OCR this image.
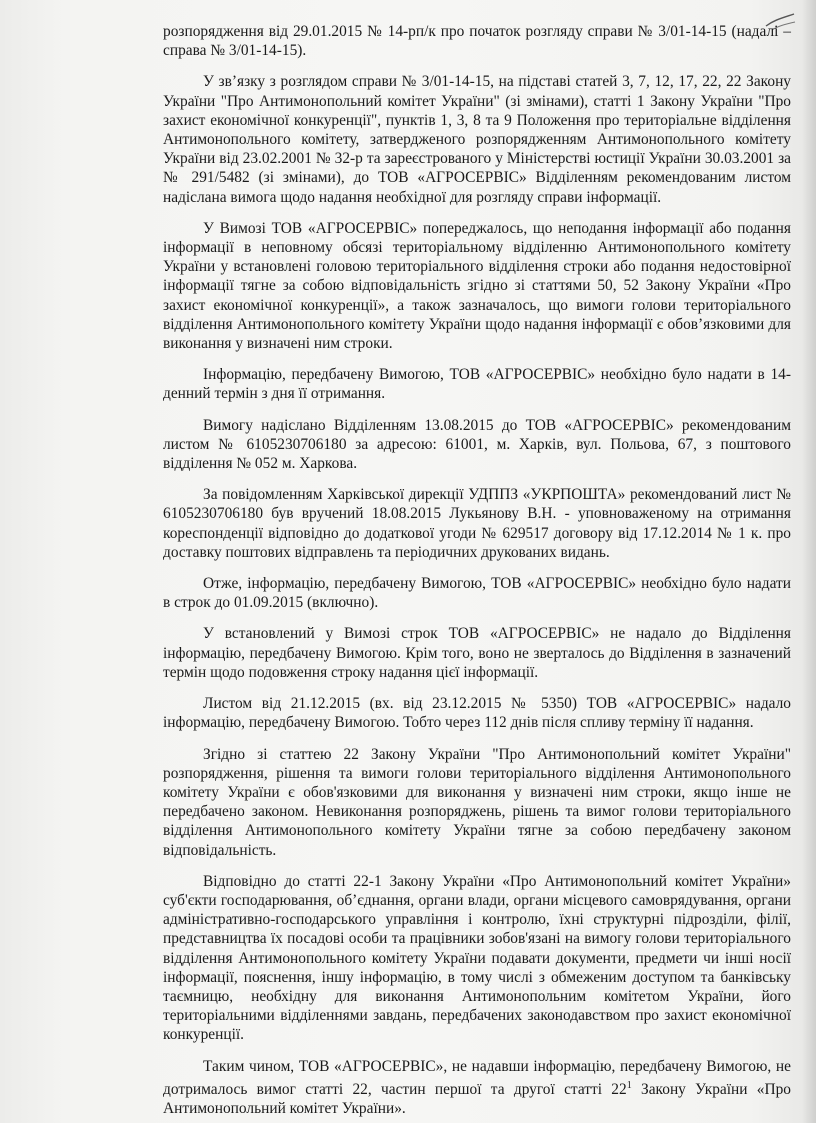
розпорядження від 29.01.2015 № 14-рп/к про початок розгляду справи № 3/01-14-15 (надалі – справа № 3/01-14-15).

У зв’язку з розглядом справи № 3/01-14-15, на підставі статей 3, 7, 12, 17, 22, 22 Закону України "Про Антимонопольний комітет України" (зі змінами), статті 1 Закону України "Про захист економічної конкуренції", пунктів 1, 3, 8 та 9 Положення про територіальне відділення Антимонопольного комітету, затвердженого розпорядженням Антимонопольного комітету України від 23.02.2001 № 32-р та зареєстрованого у Міністерстві юстиції України 30.03.2001 за № 291/5482 (зі змінами), до ТОВ «АГРОСЕРВІС» Відділенням рекомендованим листом надіслана вимога щодо надання необхідної для розгляду справи інформації.

У Вимозі ТОВ «АГРОСЕРВІС» попереджалось, що неподання інформації або подання інформації в неповному обсязі територіальному відділенню Антимонопольного комітету України у встановлені головою територіального відділення строки або подання недостовірної інформації тягне за собою відповідальність згідно зі статтями 50, 52 Закону України «Про захист економічної конкуренції», а також зазначалось, що вимоги голови територіального відділення Антимонопольного комітету України щодо надання інформації є обов’язковими для виконання у визначені ним строки.

Інформацію, передбачену Вимогою, ТОВ «АГРОСЕРВІС» необхідно було надати в 14-денний термін з дня її отримання.

Вимогу надіслано Відділенням 13.08.2015 до ТОВ «АГРОСЕРВІС» рекомендованим листом № 6105230706180 за адресою: 61001, м. Харків, вул. Польова, 67, з поштового відділення № 052 м. Харкова.

За повідомленням Харківської дирекції УДППЗ «УКРПОШТА» рекомендований лист № 6105230706180 був вручений 18.08.2015 Лукьянову В.Н. - уповноваженому на отримання кореспонденції відповідно до додаткової угоди № 629517 договору від 17.12.2014 № 1 к. про доставку поштових відправлень та періодичних друкованих видань.

Отже, інформацію, передбачену Вимогою, ТОВ «АГРОСЕРВІС» необхідно було надати в строк до 01.09.2015 (включно).

У встановлений у Вимозі строк ТОВ «АГРОСЕРВІС» не надало до Відділення інформацію, передбачену Вимогою. Крім того, воно не зверталось до Відділення в зазначений термін щодо подовження строку надання цієї інформації.

Листом від 21.12.2015 (вх. від 23.12.2015 № 5350) ТОВ «АГРОСЕРВІС» надало інформацію, передбачену Вимогою. Тобто через 112 днів після спливу терміну її надання.

Згідно зі статтею 22 Закону України "Про Антимонопольний комітет України" розпорядження, рішення та вимоги голови територіального відділення Антимонопольного комітету України є обов'язковими для виконання у визначені ним строки, якщо інше не передбачено законом. Невиконання розпоряджень, рішень та вимог голови територіального відділення Антимонопольного комітету України тягне за собою передбачену законом відповідальність.

Відповідно до статті 22-1 Закону України «Про Антимонопольний комітет України» суб'єкти господарювання, об’єднання, органи влади, органи місцевого самоврядування, органи адміністративно-господарського управління і контролю, їхні структурні підрозділи, філії, представництва їх посадові особи та працівники зобов'язані на вимогу голови територіального відділення Антимонопольного комітету України подавати документи, предмети чи інші носії інформації, пояснення, іншу інформацію, в тому числі з обмеженим доступом та банківську таємницю, необхідну для виконання Антимонопольним комітетом України, його територіальними відділеннями завдань, передбачених законодавством про захист економічної конкуренції.

Таким чином, ТОВ «АГРОСЕРВІС», не надавши інформацію, передбачену Вимогою, не дотрималось вимог статті 22, частин першої та другої статті $22^1$ Закону України «Про Антимонопольний комітет України».
